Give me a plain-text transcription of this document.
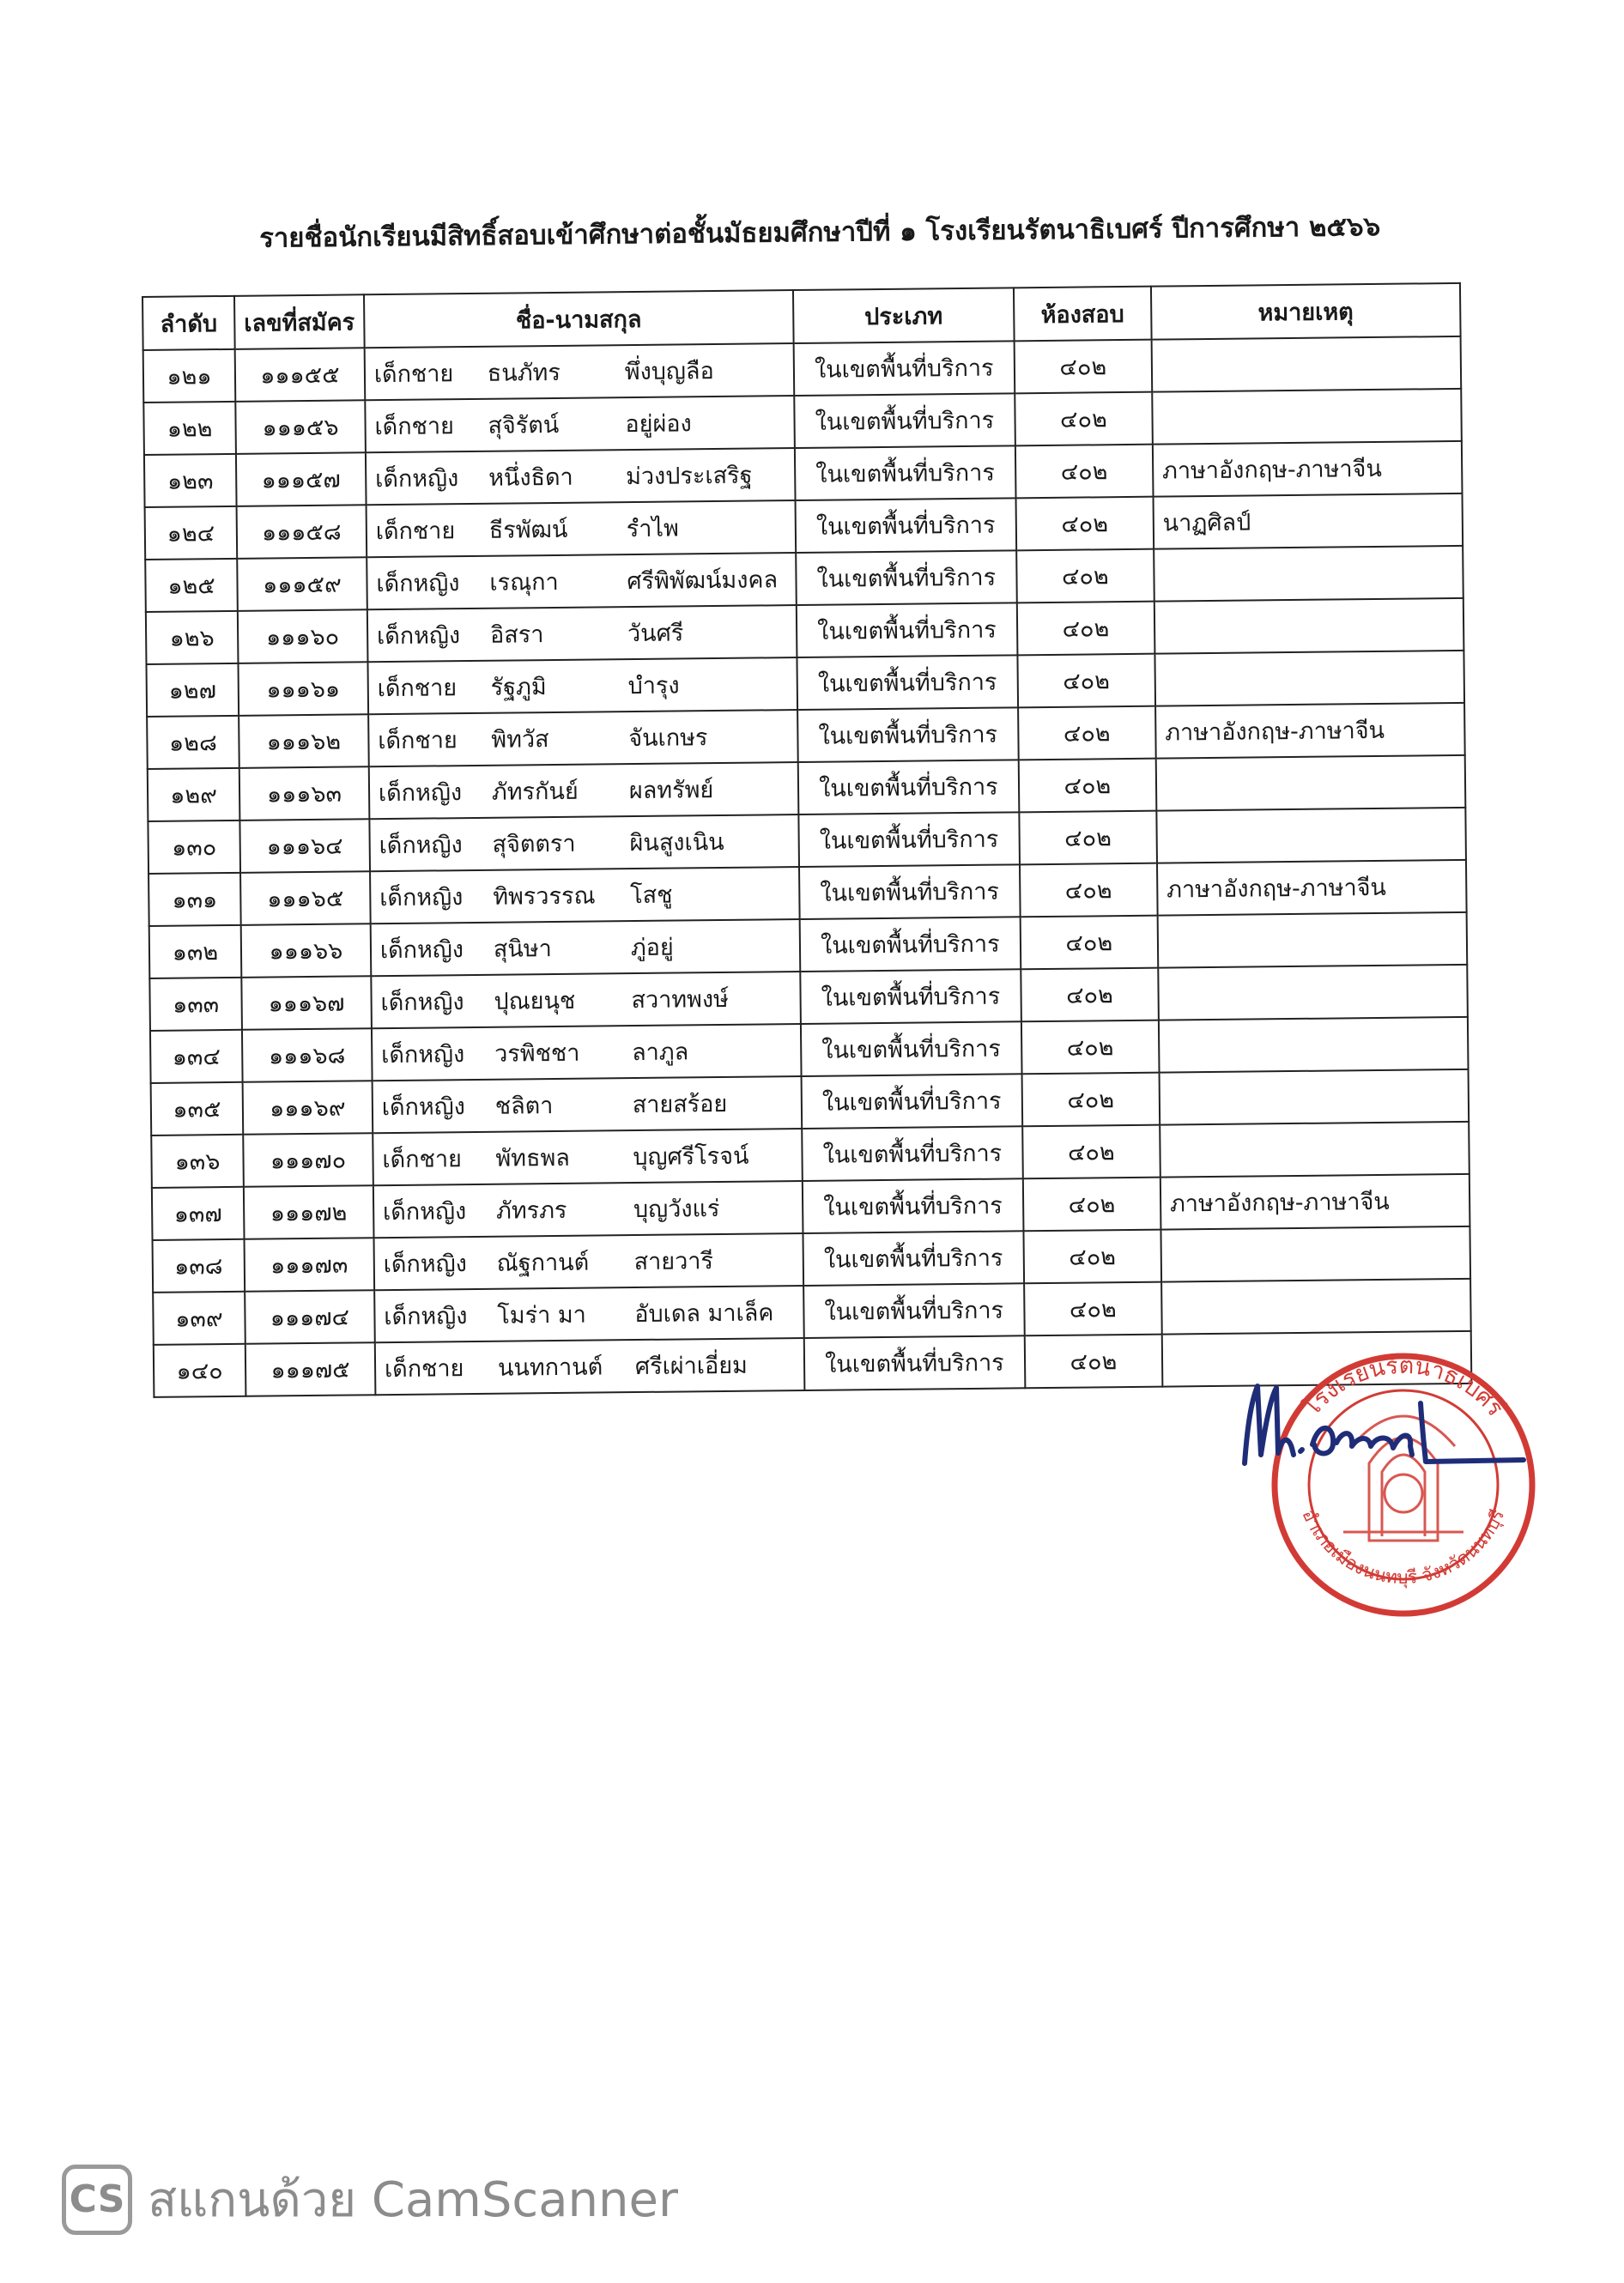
รายชื่อนักเรียนมีสิทธิ์สอบเข้าศึกษาต่อชั้นมัธยมศึกษาปีที่ ๑ โรงเรียนรัตนาธิเบศร์ ปีการศึกษา ๒๕๖๖
ลำดับ	เลขที่สมัคร	ชื่อ-นามสกุล	ประเภท	ห้องสอบ	หมายเหตุ
๑๒๑	๑๑๑๕๕	เด็กชาย ธนภัทร พึ่งบุญลือ	ในเขตพื้นที่บริการ	๔๐๒	
๑๒๒	๑๑๑๕๖	เด็กชาย สุจิรัตน์ อยู่ผ่อง	ในเขตพื้นที่บริการ	๔๐๒	
๑๒๓	๑๑๑๕๗	เด็กหญิง หนึ่งธิดา ม่วงประเสริฐ	ในเขตพื้นที่บริการ	๔๐๒	ภาษาอังกฤษ-ภาษาจีน
๑๒๔	๑๑๑๕๘	เด็กชาย ธีรพัฒน์ รำไพ	ในเขตพื้นที่บริการ	๔๐๒	นาฏศิลป์
๑๒๕	๑๑๑๕๙	เด็กหญิง เรณุกา ศรีพิพัฒน์มงคล	ในเขตพื้นที่บริการ	๔๐๒	
๑๒๖	๑๑๑๖๐	เด็กหญิง อิสรา วันศรี	ในเขตพื้นที่บริการ	๔๐๒	
๑๒๗	๑๑๑๖๑	เด็กชาย รัฐภูมิ บำรุง	ในเขตพื้นที่บริการ	๔๐๒	
๑๒๘	๑๑๑๖๒	เด็กชาย พิทวัส จันเกษร	ในเขตพื้นที่บริการ	๔๐๒	ภาษาอังกฤษ-ภาษาจีน
๑๒๙	๑๑๑๖๓	เด็กหญิง ภัทรกันย์ ผลทรัพย์	ในเขตพื้นที่บริการ	๔๐๒	
๑๓๐	๑๑๑๖๔	เด็กหญิง สุจิตตรา ผินสูงเนิน	ในเขตพื้นที่บริการ	๔๐๒	
๑๓๑	๑๑๑๖๕	เด็กหญิง ทิพรวรรณ โสชู	ในเขตพื้นที่บริการ	๔๐๒	ภาษาอังกฤษ-ภาษาจีน
๑๓๒	๑๑๑๖๖	เด็กหญิง สุนิษา ภู่อยู่	ในเขตพื้นที่บริการ	๔๐๒	
๑๓๓	๑๑๑๖๗	เด็กหญิง ปุณยนุช สวาทพงษ์	ในเขตพื้นที่บริการ	๔๐๒	
๑๓๔	๑๑๑๖๘	เด็กหญิง วรพิชชา ลาภูล	ในเขตพื้นที่บริการ	๔๐๒	
๑๓๕	๑๑๑๖๙	เด็กหญิง ชลิตา สายสร้อย	ในเขตพื้นที่บริการ	๔๐๒	
๑๓๖	๑๑๑๗๐	เด็กชาย พัทธพล บุญศรีโรจน์	ในเขตพื้นที่บริการ	๔๐๒	
๑๓๗	๑๑๑๗๒	เด็กหญิง ภัทรภร บุญวังแร่	ในเขตพื้นที่บริการ	๔๐๒	ภาษาอังกฤษ-ภาษาจีน
๑๓๘	๑๑๑๗๓	เด็กหญิง ณัฐกานต์ สายวารี	ในเขตพื้นที่บริการ	๔๐๒	
๑๓๙	๑๑๑๗๔	เด็กหญิง โมร่า มา อับเดล มาเล็ค	ในเขตพื้นที่บริการ	๔๐๒	
๑๔๐	๑๑๑๗๕	เด็กชาย นนทกานต์ ศรีเผ่าเอี่ยม	ในเขตพื้นที่บริการ	๔๐๒	
โรงเรียนรัตนาธิเบศร์
อำเภอเมืองนนทบุรี จังหวัดนนทบุรี
CS สแกนด้วย CamScanner
